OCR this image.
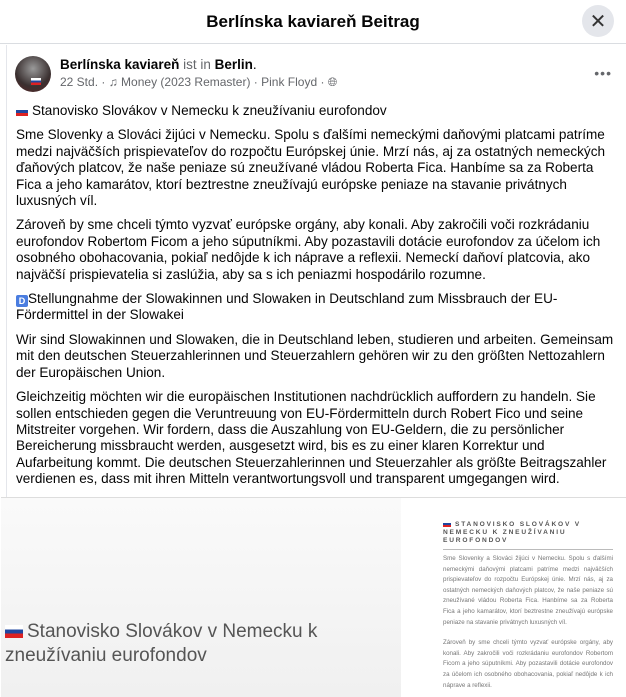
Berlínska kaviareň Beitrag	✕
Berlínska kaviareň ist in Berlin.
22 Std. · ♫ Money (2023 Remaster) · Pink Floyd · 🌐︎
•••

Stanovisko Slovákov v Nemecku k zneužívaniu eurofondov

Sme Slovenky a Slováci žijúci v Nemecku. Spolu s ďalšími nemeckými daňovými platcami patríme medzi najväčších prispievateľov do rozpočtu Európskej únie. Mrzí nás, aj za ostatných nemeckých ďaňových platcov, že naše peniaze sú zneužívané vládou Roberta Fica. Hanbíme sa za Roberta Fica a jeho kamarátov, ktorí beztrestne zneužívajú európske peniaze na stavanie privátnych luxusných víl.

Zároveň by sme chceli týmto vyzvať európske orgány, aby konali. Aby zakročili voči rozkrádaniu eurofondov Robertom Ficom a jeho súputníkmi. Aby pozastavili dotácie eurofondov za účelom ich osobného obohacovania, pokiaľ nedôjde k ich náprave a reflexii. Nemeckí daňoví platcovia, ako najväčší prispievatelia si zaslúžia, aby sa s ich peniazmi hospodárilo rozumne.

D Stellungnahme der Slowakinnen und Slowaken in Deutschland zum Missbrauch der EU-Fördermittel in der Slowakei

Wir sind Slowakinnen und Slowaken, die in Deutschland leben, studieren und arbeiten. Gemeinsam mit den deutschen Steuerzahlerinnen und Steuerzahlern gehören wir zu den größten Nettozahlern der Europäischen Union.

Gleichzeitig möchten wir die europäischen Institutionen nachdrücklich auffordern zu handeln. Sie sollen entschieden gegen die Veruntreuung von EU-Fördermitteln durch Robert Fico und seine Mitstreiter vorgehen. Wir fordern, dass die Auszahlung von EU-Geldern, die zu persönlicher Bereicherung missbraucht werden, ausgesetzt wird, bis es zu einer klaren Korrektur und Aufarbeitung kommt. Die deutschen Steuerzahlerinnen und Steuerzahler als größte Beitragszahler verdienen es, dass mit ihren Mitteln verantwortungsvoll und transparent umgegangen wird.

Stanovisko Slovákov v Nemecku k zneužívaniu eurofondov
STANOVISKO SLOVÁKOV V NEMECKU K ZNEUŽÍVANIU EUROFONDOV

Sme Slovenky a Slováci žijúci v Nemecku. Spolu s ďalšími nemeckými daňovými platcami patríme medzi najväčších prispievateľov do rozpočtu Európskej únie. Mrzí nás, aj za ostatných nemeckých daňových platcov, že naše peniaze sú zneužívané vládou Roberta Fica. Hanbíme sa za Roberta Fica a jeho kamarátov, ktorí beztrestne zneužívajú európske peniaze na stavanie privátnych luxusných víl.

Zároveň by sme chceli týmto vyzvať európske orgány, aby konali. Aby zakročili voči rozkrádaniu eurofondov Robertom Ficom a jeho súputníkmi. Aby pozastavili dotácie eurofondov za účelom ich osobného obohacovania, pokiaľ nedôjde k ich náprave a reflexii.
